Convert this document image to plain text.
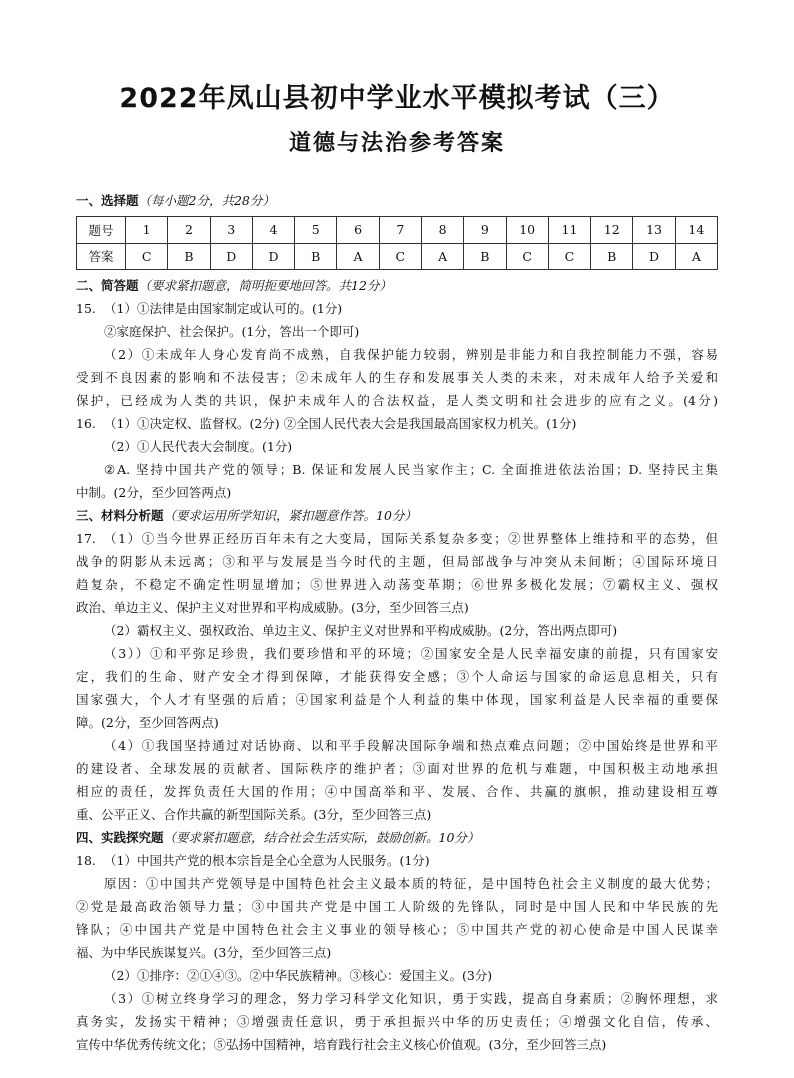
2022年凤山县初中学业水平模拟考试（三）
道德与法治参考答案
一、选择题（每小题2分，共28分）
题号	1	2	3	4	5	6	7	8	9	10	11	12	13	14
答案	C	B	D	D	B	A	C	A	B	C	C	B	D	A
二、简答题（要求紧扣题意，简明扼要地回答。共12分）
15. （1）①法律是由国家制定或认可的。(1分)
②家庭保护、社会保护。(1分，答出一个即可)
（2）①未成年人身心发育尚不成熟，自我保护能力较弱，辨别是非能力和自我控制能力不强，容易
受到不良因素的影响和不法侵害；②未成年人的生存和发展事关人类的未来，对未成年人给予关爱和
保护，已经成为人类的共识，保护未成年人的合法权益，是人类文明和社会进步的应有之义。(4分)
16. （1）①决定权、监督权。(2分) ②全国人民代表大会是我国最高国家权力机关。(1分)
（2）①人民代表大会制度。(1分)
②A. 坚持中国共产党的领导；B. 保证和发展人民当家作主；C. 全面推进依法治国；D. 坚持民主集
中制。(2分，至少回答两点)
三、材料分析题（要求运用所学知识，紧扣题意作答。10分）
17. （1）①当今世界正经历百年未有之大变局，国际关系复杂多变；②世界整体上维持和平的态势，但
战争的阴影从未远离；③和平与发展是当今时代的主题，但局部战争与冲突从未间断；④国际环境日
趋复杂，不稳定不确定性明显增加；⑤世界进入动荡变革期；⑥世界多极化发展；⑦霸权主义、强权
政治、单边主义、保护主义对世界和平构成威胁。(3分，至少回答三点)
（2）霸权主义、强权政治、单边主义、保护主义对世界和平构成威胁。(2分，答出两点即可)
（3））①和平弥足珍贵，我们要珍惜和平的环境；②国家安全是人民幸福安康的前提，只有国家安
定，我们的生命、财产安全才得到保障，才能获得安全感；③个人命运与国家的命运息息相关，只有
国家强大，个人才有坚强的后盾；④国家利益是个人利益的集中体现，国家利益是人民幸福的重要保
障。(2分，至少回答两点)
（4）①我国坚持通过对话协商、以和平手段解决国际争端和热点难点问题；②中国始终是世界和平
的建设者、全球发展的贡献者、国际秩序的维护者；③面对世界的危机与难题，中国积极主动地承担
相应的责任，发挥负责任大国的作用；④中国高举和平、发展、合作、共赢的旗帜，推动建设相互尊
重、公平正义、合作共赢的新型国际关系。(3分，至少回答三点)
四、实践探究题（要求紧扣题意，结合社会生活实际，鼓励创新。10分）
18. （1）中国共产党的根本宗旨是全心全意为人民服务。(1分)
原因：①中国共产党领导是中国特色社会主义最本质的特征，是中国特色社会主义制度的最大优势；
②党是最高政治领导力量；③中国共产党是中国工人阶级的先锋队，同时是中国人民和中华民族的先
锋队；④中国共产党是中国特色社会主义事业的领导核心；⑤中国共产党的初心使命是中国人民谋幸
福、为中华民族谋复兴。(3分，至少回答三点)
（2）①排序：②①④③。②中华民族精神。③核心：爱国主义。(3分)
（3）①树立终身学习的理念，努力学习科学文化知识，勇于实践，提高自身素质；②胸怀理想，求
真务实，发扬实干精神；③增强责任意识，勇于承担振兴中华的历史责任；④增强文化自信，传承、
宣传中华优秀传统文化；⑤弘扬中国精神，培育践行社会主义核心价值观。(3分，至少回答三点)
